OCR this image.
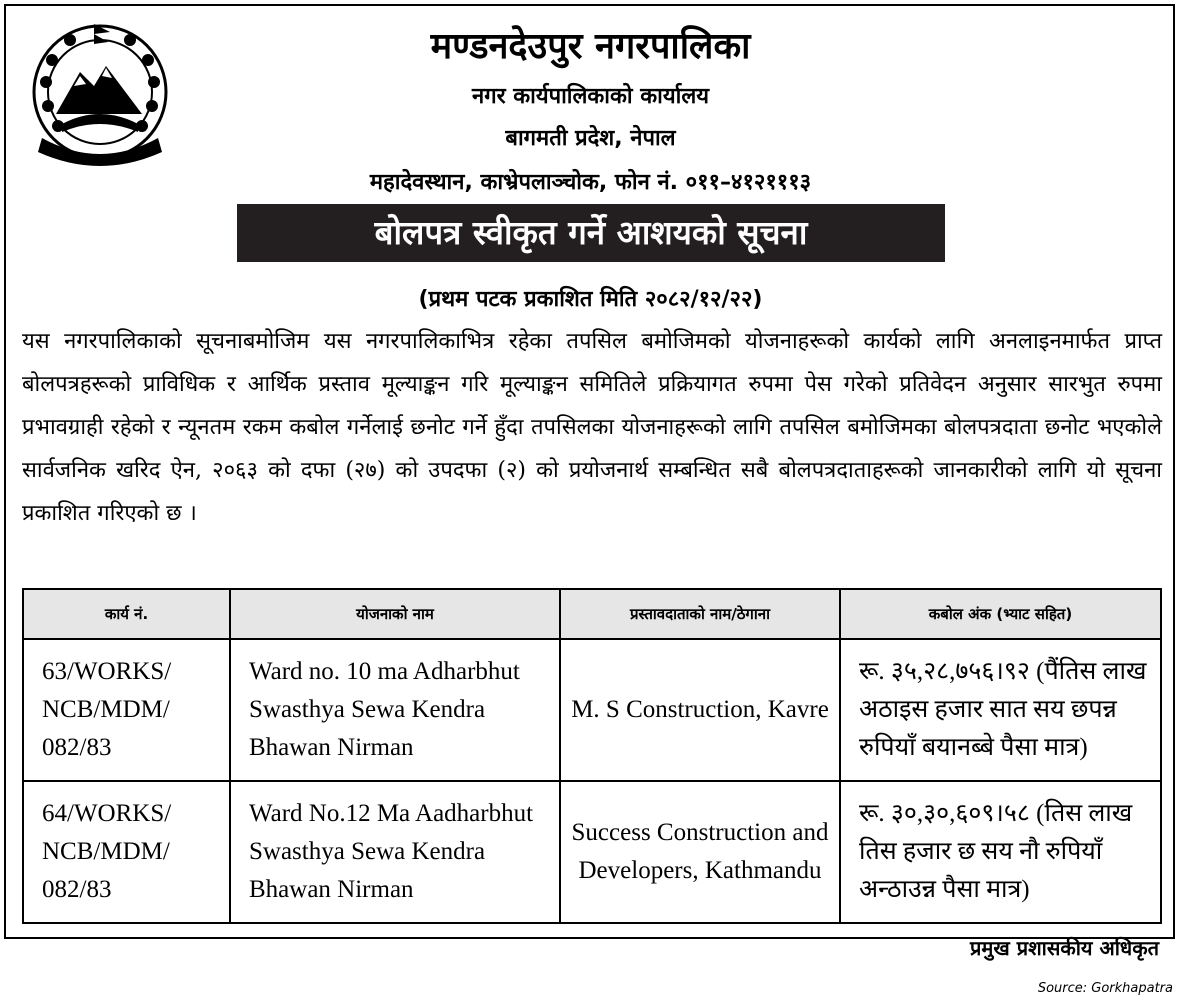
मण्डनदेउपुर नगरपालिका
नगर कार्यपालिकाको कार्यालय
बागमती प्रदेश, नेपाल
महादेवस्थान, काभ्रेपलाञ्चोक, फोन नं. ०११–४१२१११३
बोलपत्र स्वीकृत गर्ने आशयको सूचना
(प्रथम पटक प्रकाशित मिति २०८२/१२/२२)
यस नगरपालिकाको सूचनाबमोजिम यस नगरपालिकाभित्र रहेका तपसिल बमोजिमको योजनाहरूको कार्यको लागि अनलाइनमार्फत प्राप्त बोलपत्रहरूको प्राविधिक र आर्थिक प्रस्ताव मूल्याङ्कन गरि मूल्याङ्कन समितिले प्रक्रियागत रुपमा पेस गरेको प्रतिवेदन अनुसार सारभुत रुपमा प्रभावग्राही रहेको र न्यूनतम रकम कबोल गर्नेलाई छनोट गर्ने हुँदा तपसिलका योजनाहरूको लागि तपसिल बमोजिमका बोलपत्रदाता छनोट भएकोले सार्वजनिक खरिद ऐन, २०६३ को दफा (२७) को उपदफा (२) को प्रयोजनार्थ सम्बन्धित सबै बोलपत्रदाताहरूको जानकारीको लागि यो सूचना प्रकाशित गरिएको छ ।
कार्य नं.	योजनाको नाम	प्रस्तावदाताको नाम/ठेगाना	कबोल अंक (भ्याट सहित)
63/WORKS/ NCB/MDM/ 082/83	Ward no. 10 ma Adharbhut Swasthya Sewa Kendra Bhawan Nirman	M. S Construction, Kavre	रू. ३५,२८,७५६।९२ (पैंतिस लाख अठाइस हजार सात सय छपन्न रुपियाँ बयानब्बे पैसा मात्र)
64/WORKS/ NCB/MDM/ 082/83	Ward No.12 Ma Aadharbhut Swasthya Sewa Kendra Bhawan Nirman	Success Construction and Developers, Kathmandu	रू. ३०,३०,६०९।५८ (तिस लाख तिस हजार छ सय नौ रुपियाँ अन्ठाउन्न पैसा मात्र)
प्रमुख प्रशासकीय अधिकृत
Source: Gorkhapatra
